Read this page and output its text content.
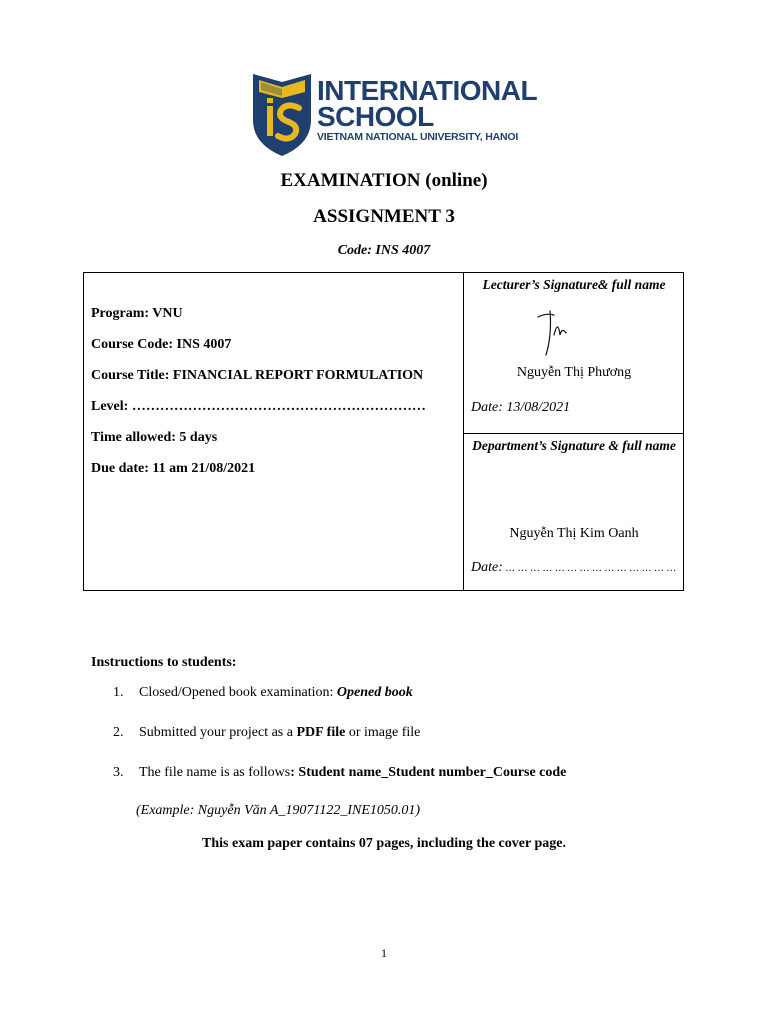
INTERNATIONAL
SCHOOL
VIETNAM NATIONAL UNIVERSITY, HANOI
EXAMINATION (online)
ASSIGNMENT 3
Code: INS 4007
Program: VNU
Course Code: INS 4007
Course Title: FINANCIAL REPORT FORMULATION
Level: ………………………………………………………
Time allowed: 5 days
Due date: 11 am 21/08/2021
Lecturer’s Signature& full name
Nguyễn Thị Phương
Date: 13/08/2021
Department’s Signature & full name
Nguyễn Thị Kim Oanh
Date: … … … … … … … … … … … … … …
Instructions to students:
1. Closed/Opened book examination: Opened book
2. Submitted your project as a PDF file or image file
3. The file name is as follows: Student name_Student number_Course code
(Example: Nguyễn Văn A_19071122_INE1050.01)
This exam paper contains 07 pages, including the cover page.
1
